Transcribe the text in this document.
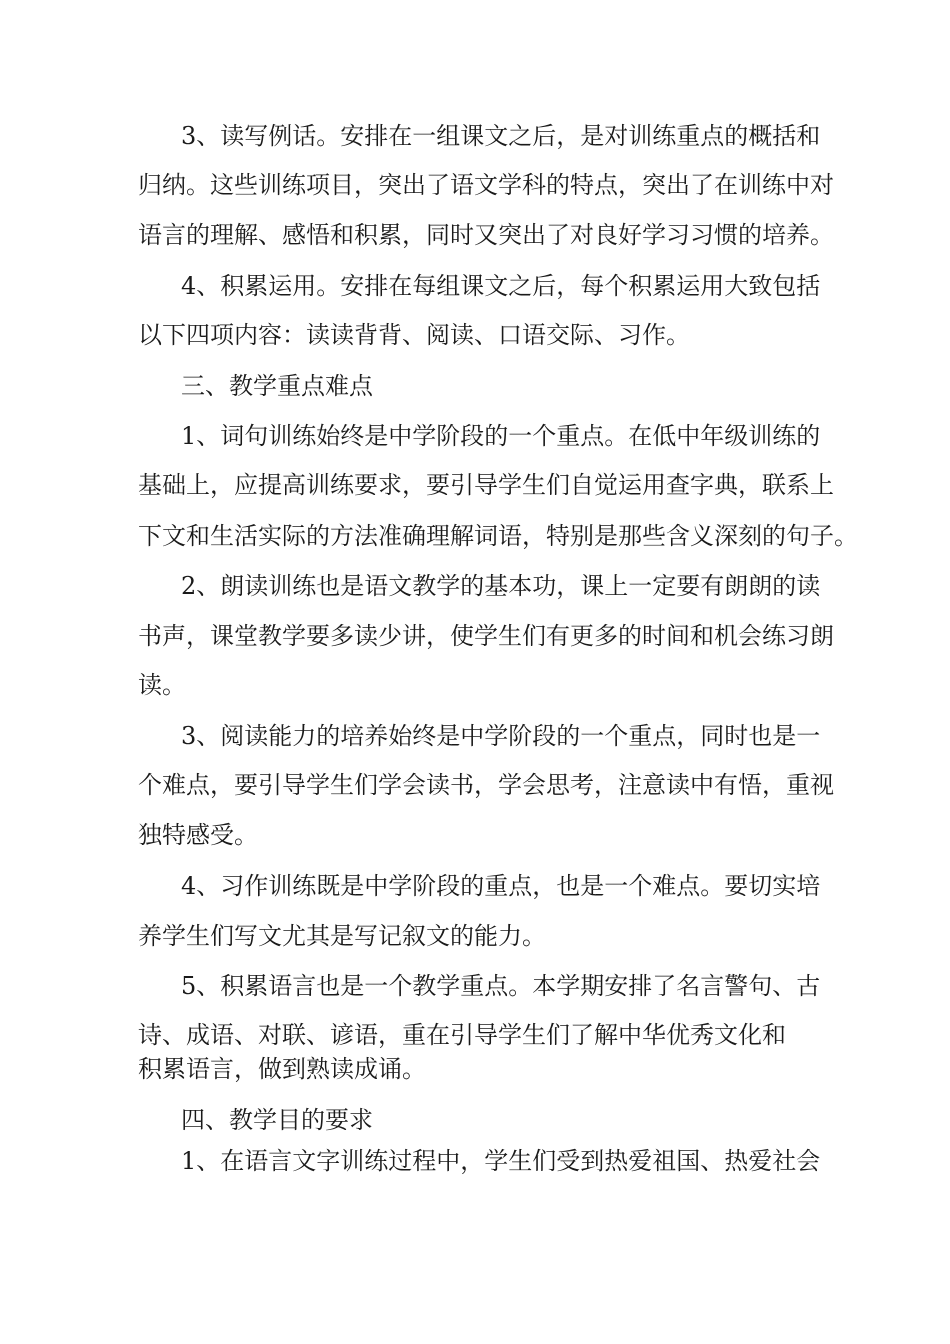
3、读写例话。安排在一组课文之后，是对训练重点的概括和

归纳。这些训练项目，突出了语文学科的特点，突出了在训练中对

语言的理解、感悟和积累，同时又突出了对良好学习习惯的培养。

4、积累运用。安排在每组课文之后，每个积累运用大致包括

以下四项内容：读读背背、阅读、口语交际、习作。

三、教学重点难点

1、词句训练始终是中学阶段的一个重点。在低中年级训练的

基础上，应提高训练要求，要引导学生们自觉运用查字典，联系上

下文和生活实际的方法准确理解词语，特别是那些含义深刻的句子。

2、朗读训练也是语文教学的基本功，课上一定要有朗朗的读

书声，课堂教学要多读少讲，使学生们有更多的时间和机会练习朗

读。

3、阅读能力的培养始终是中学阶段的一个重点，同时也是一

个难点，要引导学生们学会读书，学会思考，注意读中有悟，重视

独特感受。

4、习作训练既是中学阶段的重点，也是一个难点。要切实培

养学生们写文尤其是写记叙文的能力。

5、积累语言也是一个教学重点。本学期安排了名言警句、古

诗、成语、对联、谚语，重在引导学生们了解中华优秀文化和

积累语言，做到熟读成诵。

四、教学目的要求

1、在语言文字训练过程中，学生们受到热爱祖国、热爱社会
